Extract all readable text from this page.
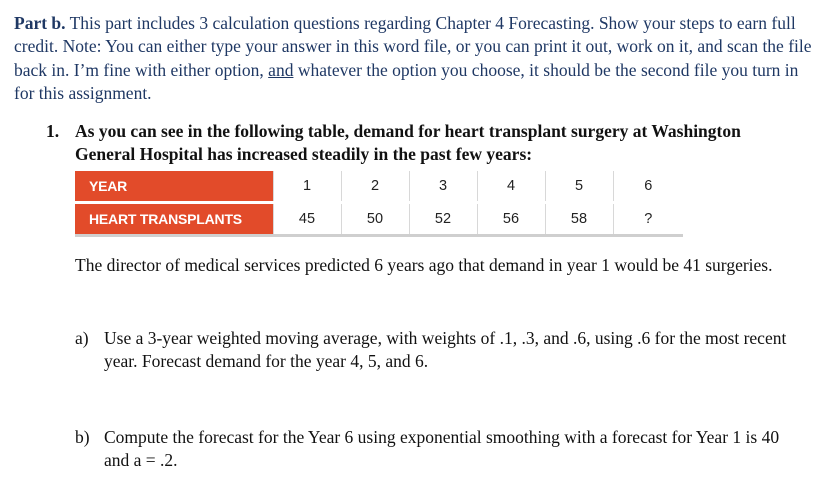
Part b. This part includes 3 calculation questions regarding Chapter 4 Forecasting. Show your steps to earn full credit. Note: You can either type your answer in this word file, or you can print it out, work on it, and scan the file back in. I’m fine with either option, and whatever the option you choose, it should be the second file you turn in for this assignment.
1. As you can see in the following table, demand for heart transplant surgery at Washington General Hospital has increased steadily in the past few years:
YEAR	1	2	3	4	5	6
HEART TRANSPLANTS	45	50	52	56	58	?
The director of medical services predicted 6 years ago that demand in year 1 would be 41 surgeries.
a) Use a 3-year weighted moving average, with weights of .1, .3, and .6, using .6 for the most recent year. Forecast demand for the year 4, 5, and 6.
b) Compute the forecast for the Year 6 using exponential smoothing with a forecast for Year 1 is 40 and a = .2.
